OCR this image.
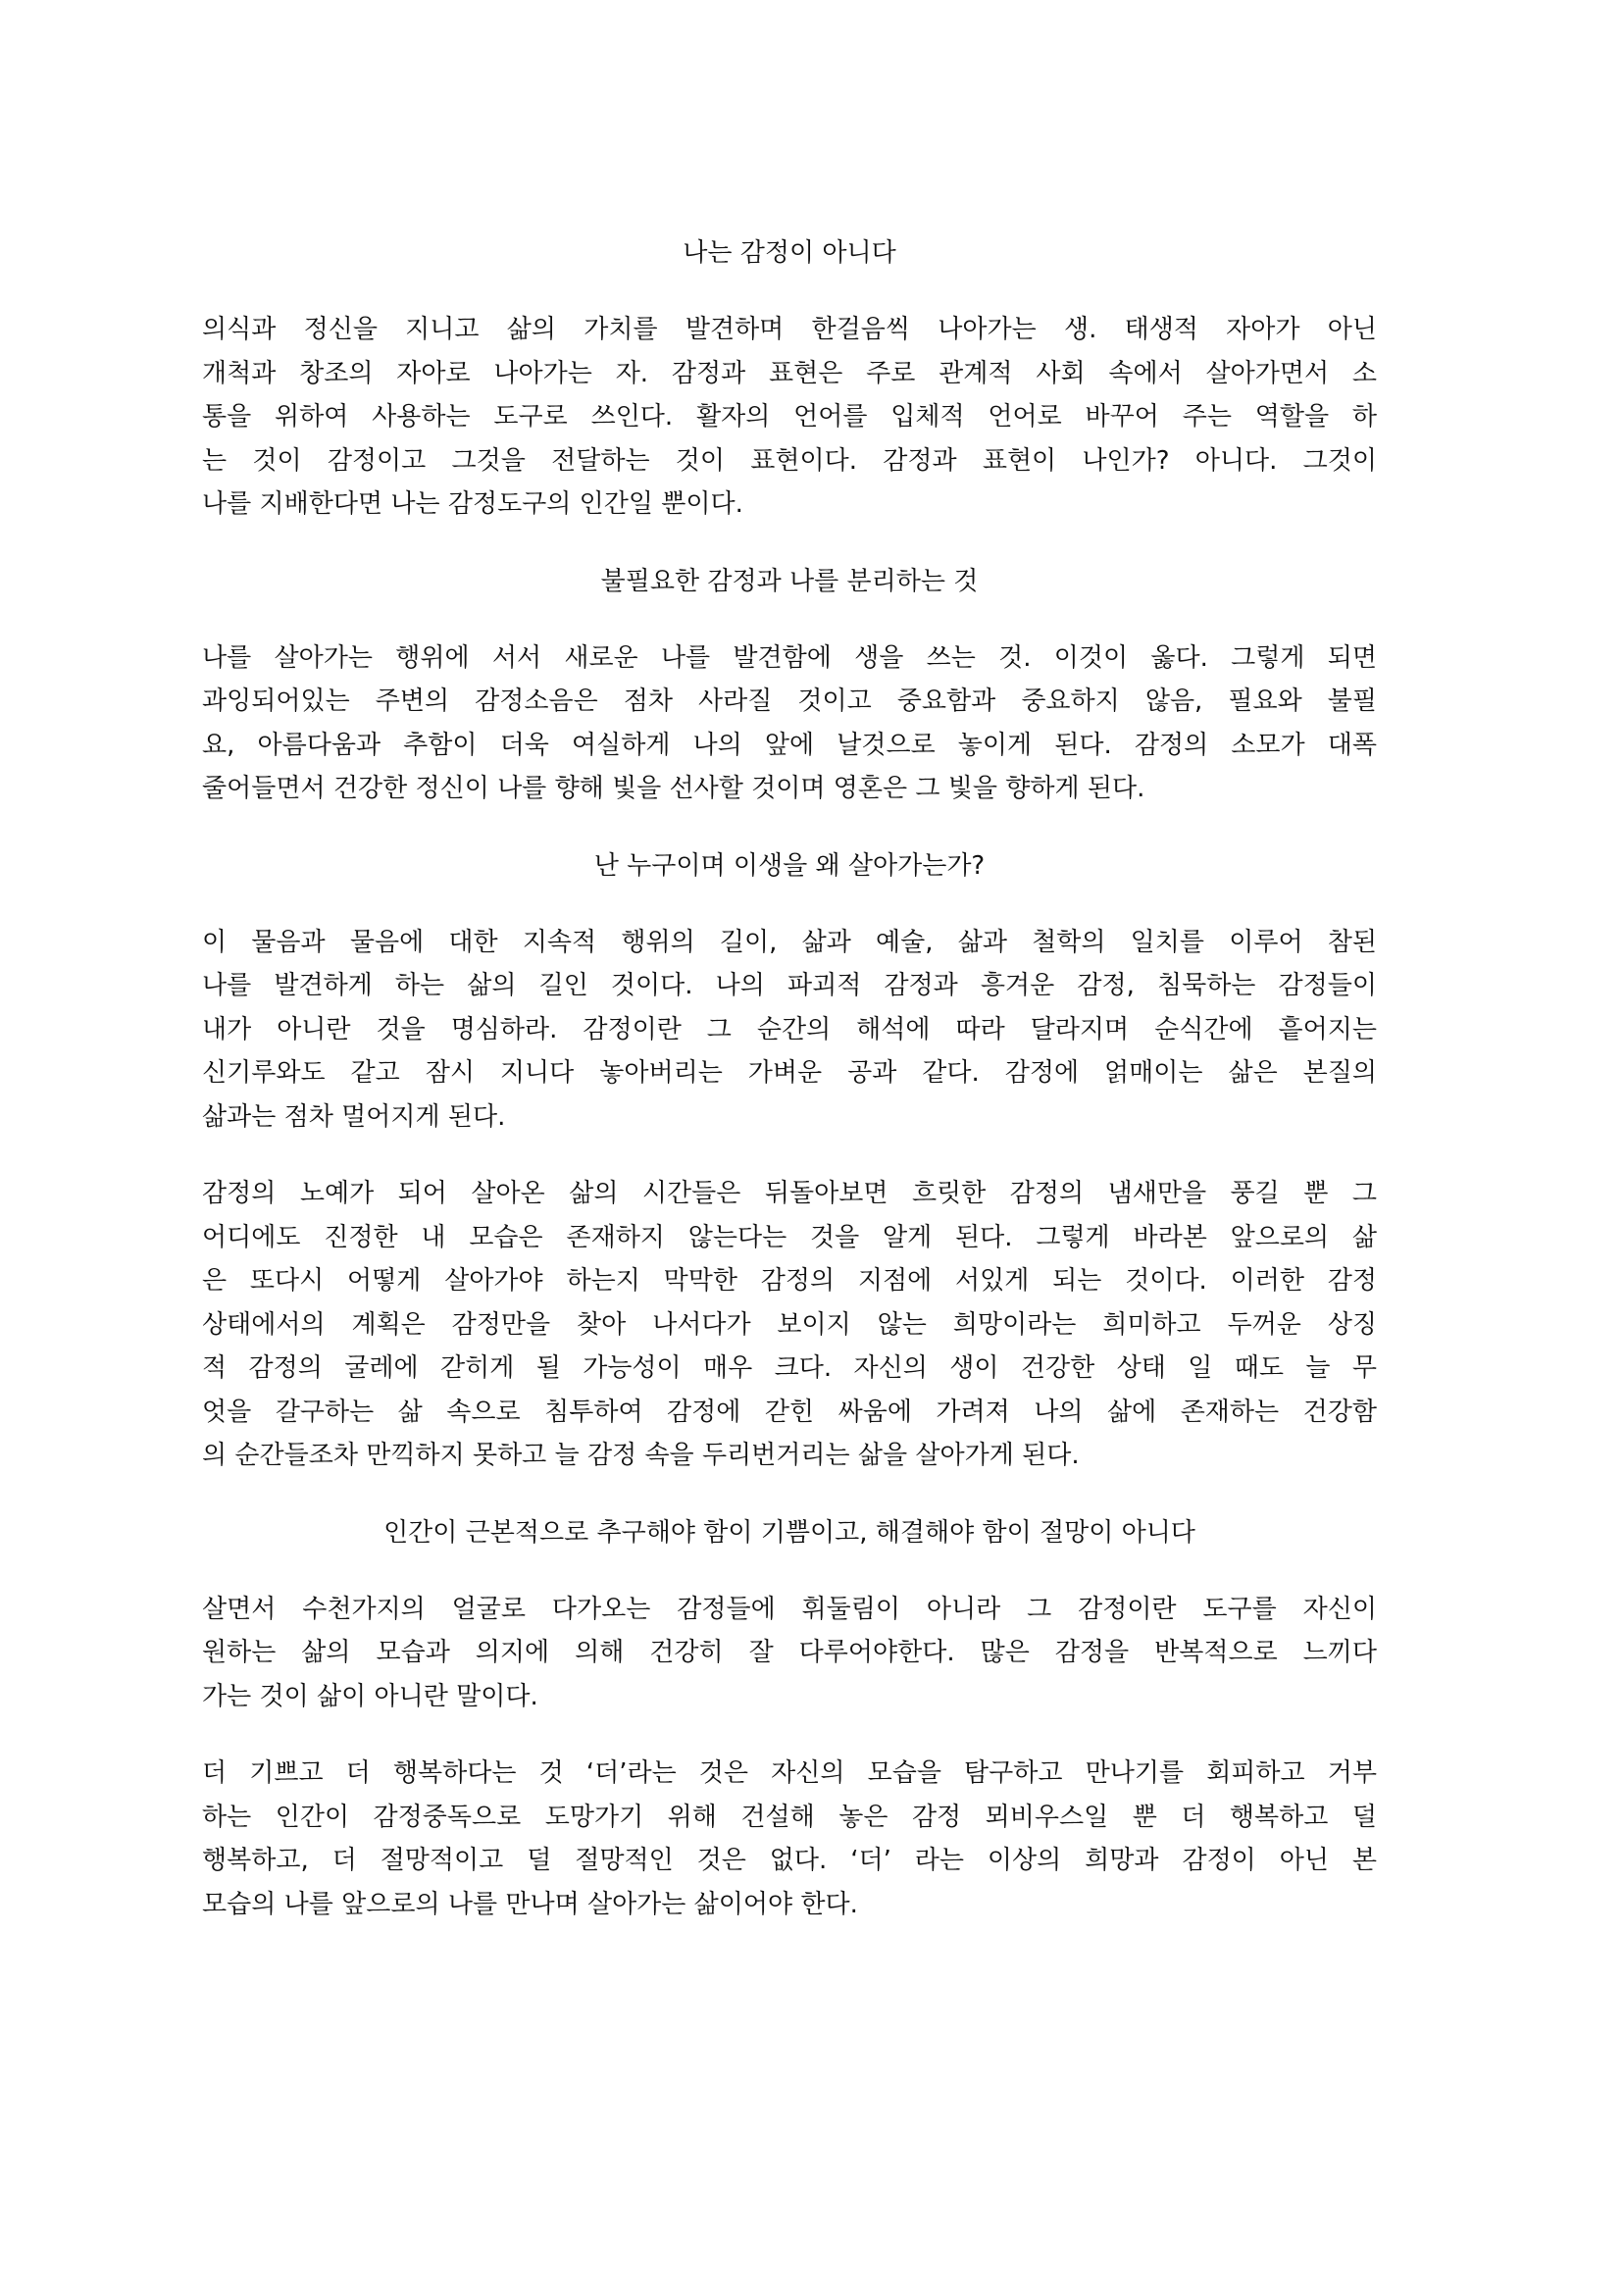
나는 감정이 아니다

의식과 정신을 지니고 삶의 가치를 발견하며 한걸음씩 나아가는 생. 태생적 자아가 아닌
개척과 창조의 자아로 나아가는 자. 감정과 표현은 주로 관계적 사회 속에서 살아가면서 소
통을 위하여 사용하는 도구로 쓰인다. 활자의 언어를 입체적 언어로 바꾸어 주는 역할을 하
는 것이 감정이고 그것을 전달하는 것이 표현이다. 감정과 표현이 나인가? 아니다. 그것이
나를 지배한다면 나는 감정도구의 인간일 뿐이다.

불필요한 감정과 나를 분리하는 것

나를 살아가는 행위에 서서 새로운 나를 발견함에 생을 쓰는 것. 이것이 옳다. 그렇게 되면
과잉되어있는 주변의 감정소음은 점차 사라질 것이고 중요함과 중요하지 않음, 필요와 불필
요, 아름다움과 추함이 더욱 여실하게 나의 앞에 날것으로 놓이게 된다. 감정의 소모가 대폭
줄어들면서 건강한 정신이 나를 향해 빛을 선사할 것이며 영혼은 그 빛을 향하게 된다.

난 누구이며 이생을 왜 살아가는가?

이 물음과 물음에 대한 지속적 행위의 길이, 삶과 예술, 삶과 철학의 일치를 이루어 참된
나를 발견하게 하는 삶의 길인 것이다. 나의 파괴적 감정과 흥겨운 감정, 침묵하는 감정들이
내가 아니란 것을 명심하라. 감정이란 그 순간의 해석에 따라 달라지며 순식간에 흩어지는
신기루와도 같고 잠시 지니다 놓아버리는 가벼운 공과 같다. 감정에 얽매이는 삶은 본질의
삶과는 점차 멀어지게 된다.

감정의 노예가 되어 살아온 삶의 시간들은 뒤돌아보면 흐릿한 감정의 냄새만을 풍길 뿐 그
어디에도 진정한 내 모습은 존재하지 않는다는 것을 알게 된다. 그렇게 바라본 앞으로의 삶
은 또다시 어떻게 살아가야 하는지 막막한 감정의 지점에 서있게 되는 것이다. 이러한 감정
상태에서의 계획은 감정만을 찾아 나서다가 보이지 않는 희망이라는 희미하고 두꺼운 상징
적 감정의 굴레에 갇히게 될 가능성이 매우 크다. 자신의 생이 건강한 상태 일 때도 늘 무
엇을 갈구하는 삶 속으로 침투하여 감정에 갇힌 싸움에 가려져 나의 삶에 존재하는 건강함
의 순간들조차 만끽하지 못하고 늘 감정 속을 두리번거리는 삶을 살아가게 된다.

인간이 근본적으로 추구해야 함이 기쁨이고, 해결해야 함이 절망이 아니다

살면서 수천가지의 얼굴로 다가오는 감정들에 휘둘림이 아니라 그 감정이란 도구를 자신이
원하는 삶의 모습과 의지에 의해 건강히 잘 다루어야한다. 많은 감정을 반복적으로 느끼다
가는 것이 삶이 아니란 말이다.

더 기쁘고 더 행복하다는 것 ‘더’라는 것은 자신의 모습을 탐구하고 만나기를 회피하고 거부
하는 인간이 감정중독으로 도망가기 위해 건설해 놓은 감정 뫼비우스일 뿐 더 행복하고 덜
행복하고, 더 절망적이고 덜 절망적인 것은 없다. ‘더’ 라는 이상의 희망과 감정이 아닌 본
모습의 나를 앞으로의 나를 만나며 살아가는 삶이어야 한다.
